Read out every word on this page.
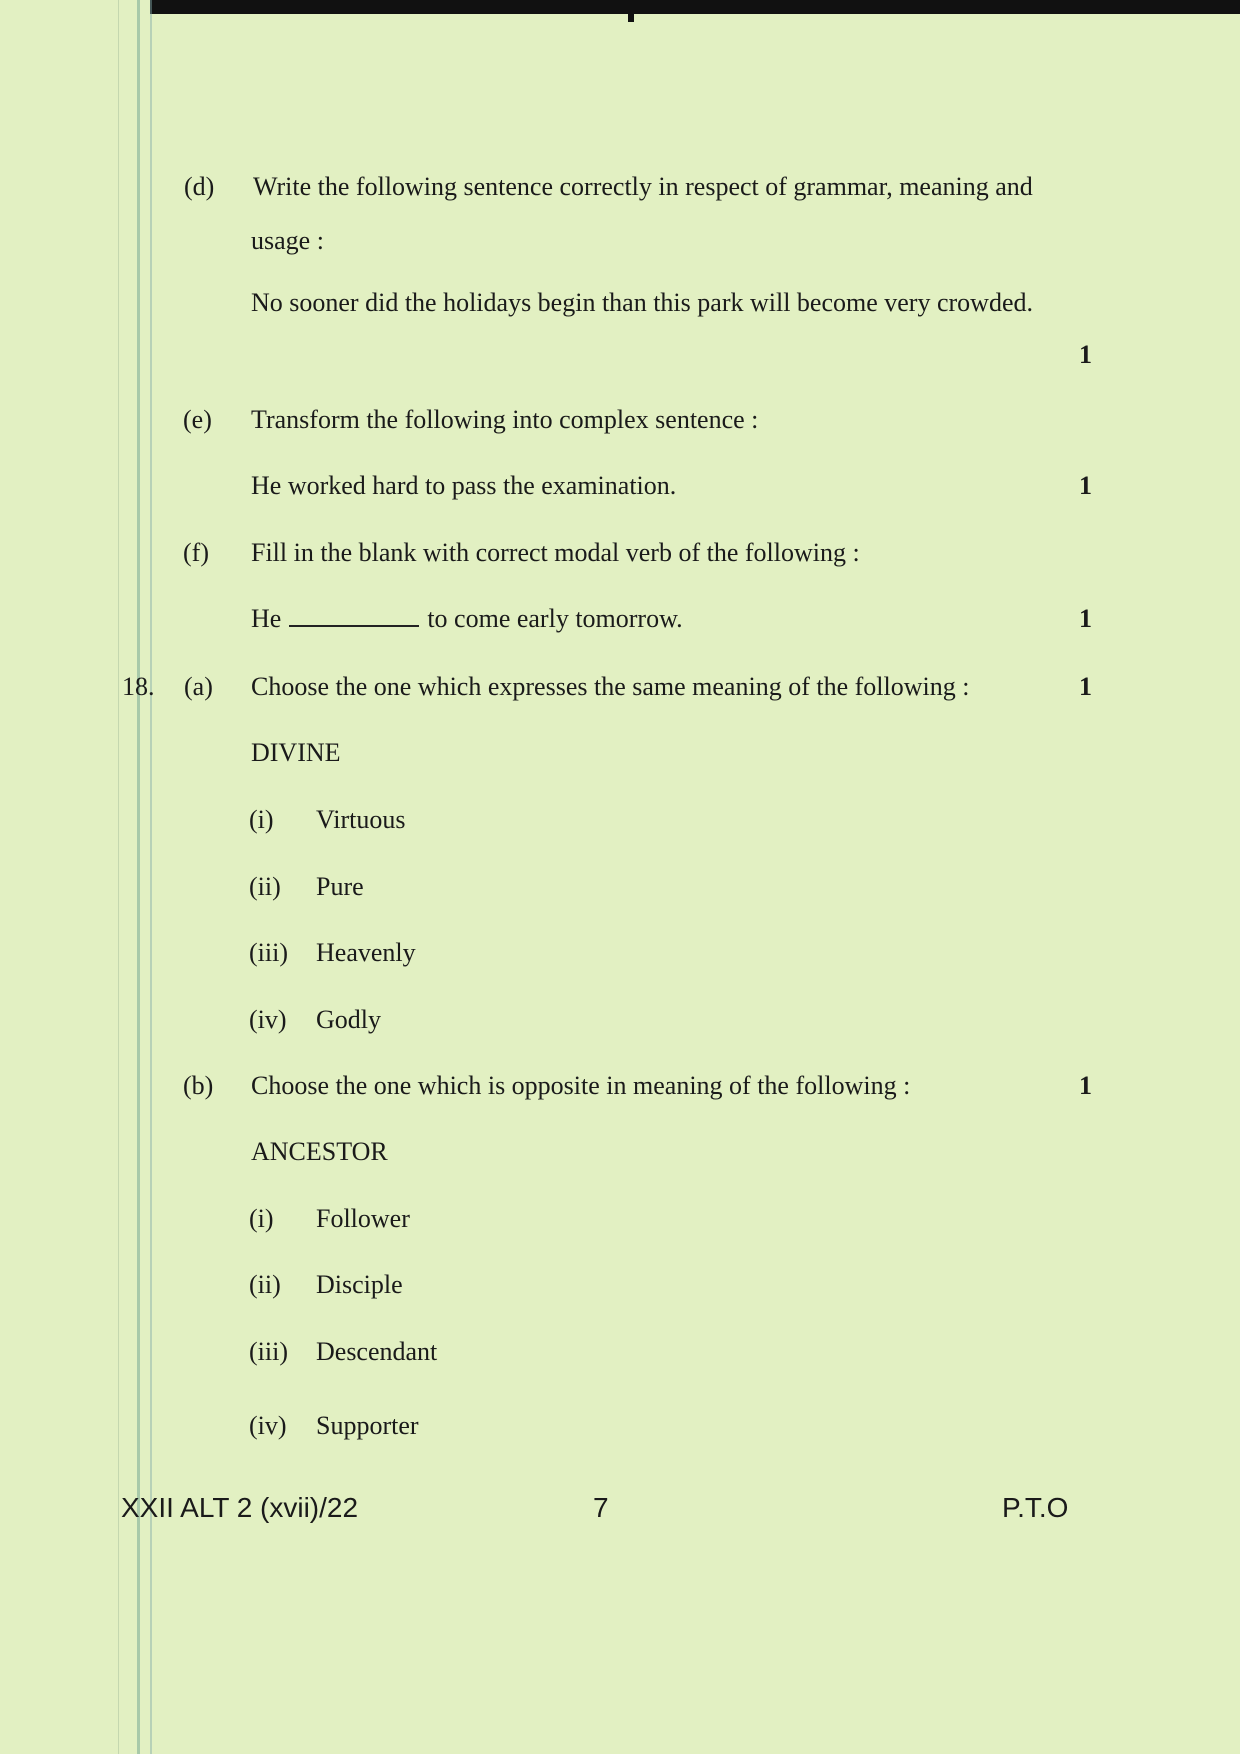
(d) Write the following sentence correctly in respect of grammar, meaning and
usage :
No sooner did the holidays begin than this park will become very crowded.
1
(e) Transform the following into complex sentence :
He worked hard to pass the examination.	1
(f) Fill in the blank with correct modal verb of the following :
He	to come early tomorrow.	1
18. (a) Choose the one which expresses the same meaning of the following :	1
DIVINE
(i) Virtuous
(ii) Pure
(iii) Heavenly
(iv) Godly
(b) Choose the one which is opposite in meaning of the following :	1
ANCESTOR
(i) Follower
(ii) Disciple
(iii) Descendant
(iv) Supporter
XXII ALT 2 (xvii)/22	7	P.T.O
